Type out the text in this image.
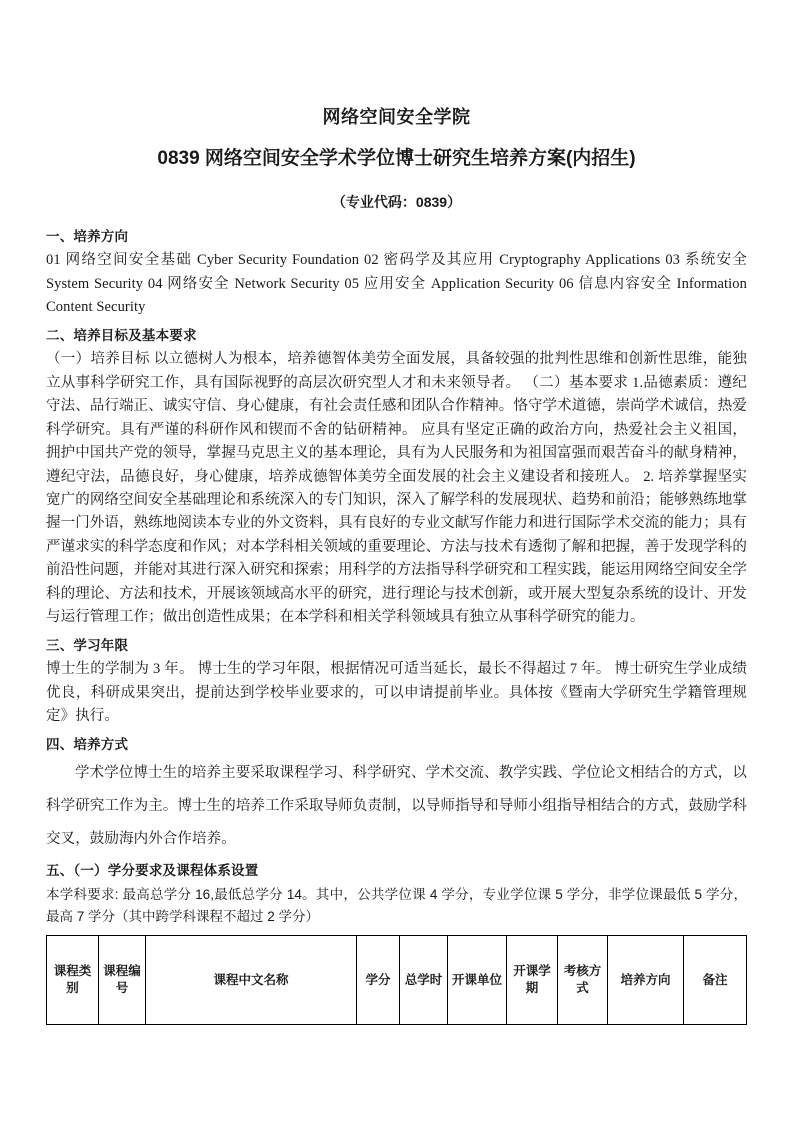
网络空间安全学院
0839 网络空间安全学术学位博士研究生培养方案(内招生)
（专业代码：0839）
一、培养方向
01 网络空间安全基础 Cyber Security Foundation 02 密码学及其应用 Cryptography Applications 03 系统安全 System Security 04 网络安全 Network Security 05 应用安全 Application Security 06 信息内容安全 Information Content Security
二、培养目标及基本要求
（一）培养目标 以立德树人为根本，培养德智体美劳全面发展，具备较强的批判性思维和创新性思维，能独立从事科学研究工作，具有国际视野的高层次研究型人才和未来领导者。 （二）基本要求 1.品德素质：遵纪守法、品行端正、诚实守信、身心健康，有社会责任感和团队合作精神。恪守学术道德，崇尚学术诚信，热爱科学研究。具有严谨的科研作风和锲而不舍的钻研精神。 应具有坚定正确的政治方向，热爱社会主义祖国，拥护中国共产党的领导，掌握马克思主义的基本理论，具有为人民服务和为祖国富强而艰苦奋斗的献身精神，遵纪守法，品德良好，身心健康，培养成德智体美劳全面发展的社会主义建设者和接班人。 2. 培养掌握坚实宽广的网络空间安全基础理论和系统深入的专门知识，深入了解学科的发展现状、趋势和前沿；能够熟练地掌握一门外语，熟练地阅读本专业的外文资料，具有良好的专业文献写作能力和进行国际学术交流的能力；具有严谨求实的科学态度和作风；对本学科相关领域的重要理论、方法与技术有透彻了解和把握，善于发现学科的前沿性问题，并能对其进行深入研究和探索；用科学的方法指导科学研究和工程实践，能运用网络空间安全学科的理论、方法和技术，开展该领域高水平的研究，进行理论与技术创新，或开展大型复杂系统的设计、开发与运行管理工作；做出创造性成果；在本学科和相关学科领域具有独立从事科学研究的能力。
三、学习年限
博士生的学制为 3 年。 博士生的学习年限，根据情况可适当延长，最长不得超过 7 年。 博士研究生学业成绩优良，科研成果突出，提前达到学校毕业要求的，可以申请提前毕业。具体按《暨南大学研究生学籍管理规定》执行。
四、培养方式
学术学位博士生的培养主要采取课程学习、科学研究、学术交流、教学实践、学位论文相结合的方式，以科学研究工作为主。博士生的培养工作采取导师负责制，以导师指导和导师小组指导相结合的方式，鼓励学科交叉，鼓励海内外合作培养。
五、（一）学分要求及课程体系设置
本学科要求: 最高总学分 16,最低总学分 14。其中，公共学位课 4 学分，专业学位课 5 学分，非学位课最低 5 学分，最高 7 学分（其中跨学科课程不超过 2 学分）
课程类别	课程编号	课程中文名称	学分	总学时	开课单位	开课学期	考核方式	培养方向	备注
